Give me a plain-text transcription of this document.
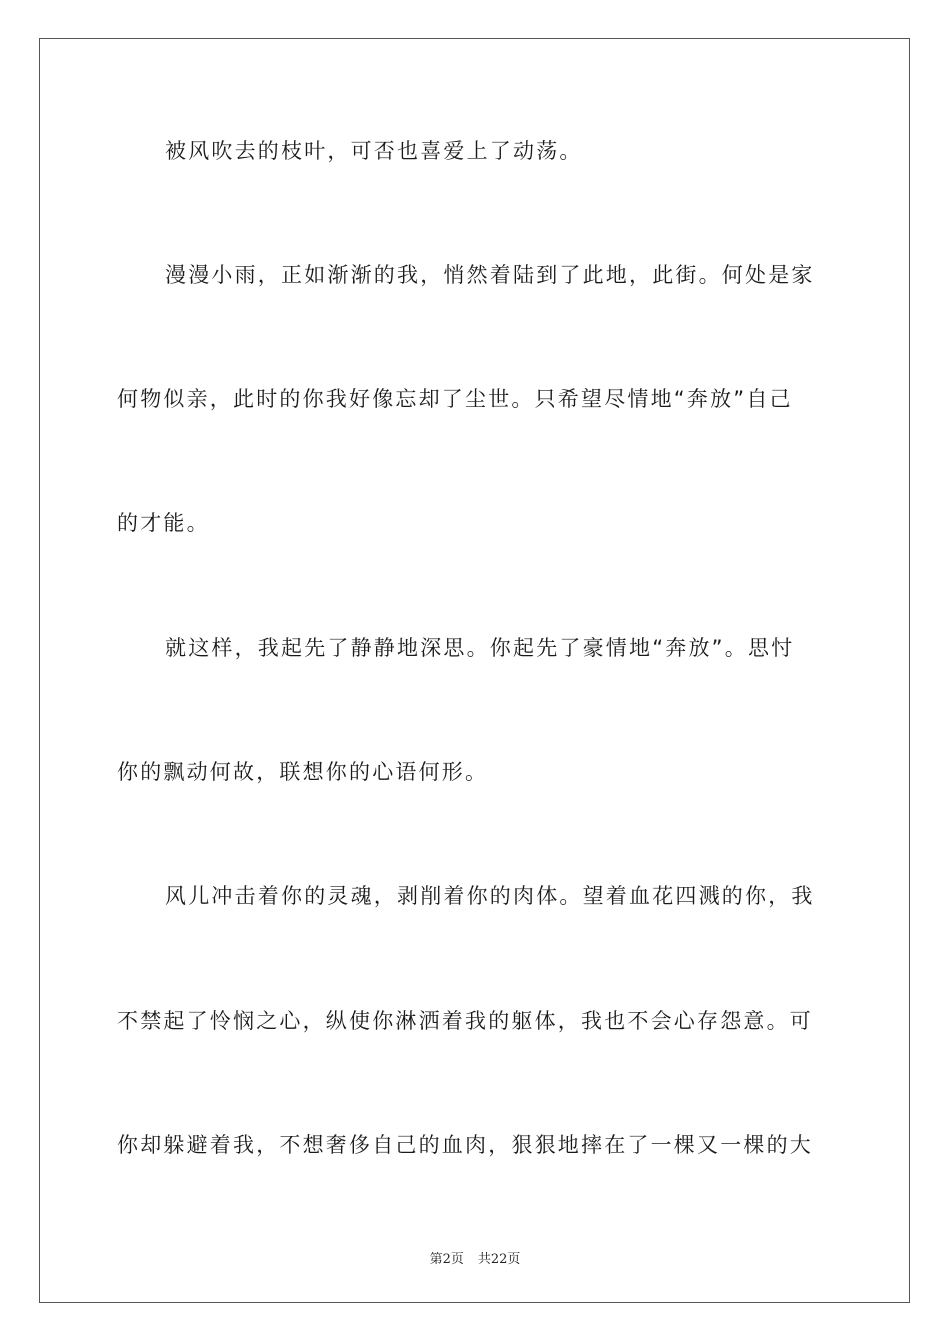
被风吹去的枝叶，可否也喜爱上了动荡。
漫漫小雨，正如渐渐的我，悄然着陆到了此地，此街。何处是家
何物似亲，此时的你我好像忘却了尘世。只希望尽情地“奔放”自己
的才能。
就这样，我起先了静静地深思。你起先了豪情地“奔放”。思忖
你的飘动何故，联想你的心语何形。
风儿冲击着你的灵魂，剥削着你的肉体。望着血花四溅的你，我
不禁起了怜悯之心，纵使你淋洒着我的躯体，我也不会心存怨意。可
你却躲避着我，不想奢侈自己的血肉，狠狠地摔在了一棵又一棵的大
第2页 共22页
